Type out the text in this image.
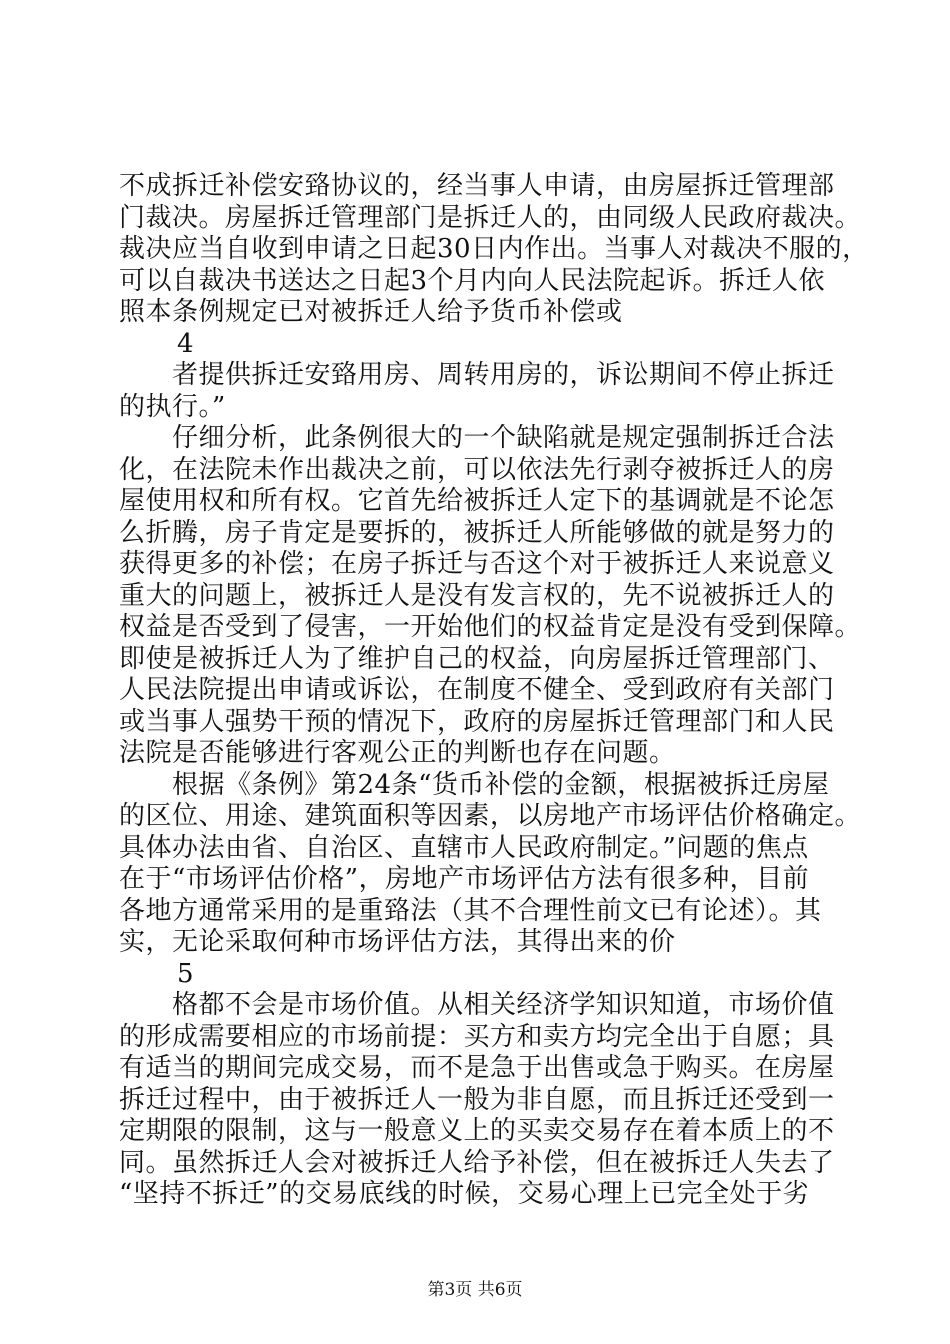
不成拆迁补偿安臵协议的，经当事人申请，由房屋拆迁管理部
门裁决。房屋拆迁管理部门是拆迁人的，由同级人民政府裁决。
裁决应当自收到申请之日起30日内作出。当事人对裁决不服的，
可以自裁决书送达之日起3个月内向人民法院起诉。拆迁人依
照本条例规定已对被拆迁人给予货币补偿或
4
　　者提供拆迁安臵用房、周转用房的，诉讼期间不停止拆迁
的执行。”
　　仔细分析，此条例很大的一个缺陷就是规定强制拆迁合法
化，在法院未作出裁决之前，可以依法先行剥夺被拆迁人的房
屋使用权和所有权。它首先给被拆迁人定下的基调就是不论怎
么折腾，房子肯定是要拆的，被拆迁人所能够做的就是努力的
获得更多的补偿；在房子拆迁与否这个对于被拆迁人来说意义
重大的问题上，被拆迁人是没有发言权的，先不说被拆迁人的
权益是否受到了侵害，一开始他们的权益肯定是没有受到保障。
即使是被拆迁人为了维护自己的权益，向房屋拆迁管理部门、
人民法院提出申请或诉讼，在制度不健全、受到政府有关部门
或当事人强势干预的情况下，政府的房屋拆迁管理部门和人民
法院是否能够进行客观公正的判断也存在问题。
　　根据《条例》第24条“货币补偿的金额，根据被拆迁房屋
的区位、用途、建筑面积等因素，以房地产市场评估价格确定。
具体办法由省、自治区、直辖市人民政府制定。”问题的焦点
在于“市场评估价格”，房地产市场评估方法有很多种，目前
各地方通常采用的是重臵法（其不合理性前文已有论述）。其
实，无论采取何种市场评估方法，其得出来的价
5
　　格都不会是市场价值。从相关经济学知识知道，市场价值
的形成需要相应的市场前提：买方和卖方均完全出于自愿；具
有适当的期间完成交易，而不是急于出售或急于购买。在房屋
拆迁过程中，由于被拆迁人一般为非自愿，而且拆迁还受到一
定期限的限制，这与一般意义上的买卖交易存在着本质上的不
同。虽然拆迁人会对被拆迁人给予补偿，但在被拆迁人失去了
“坚持不拆迁”的交易底线的时候，交易心理上已完全处于劣
第3页 共6页
